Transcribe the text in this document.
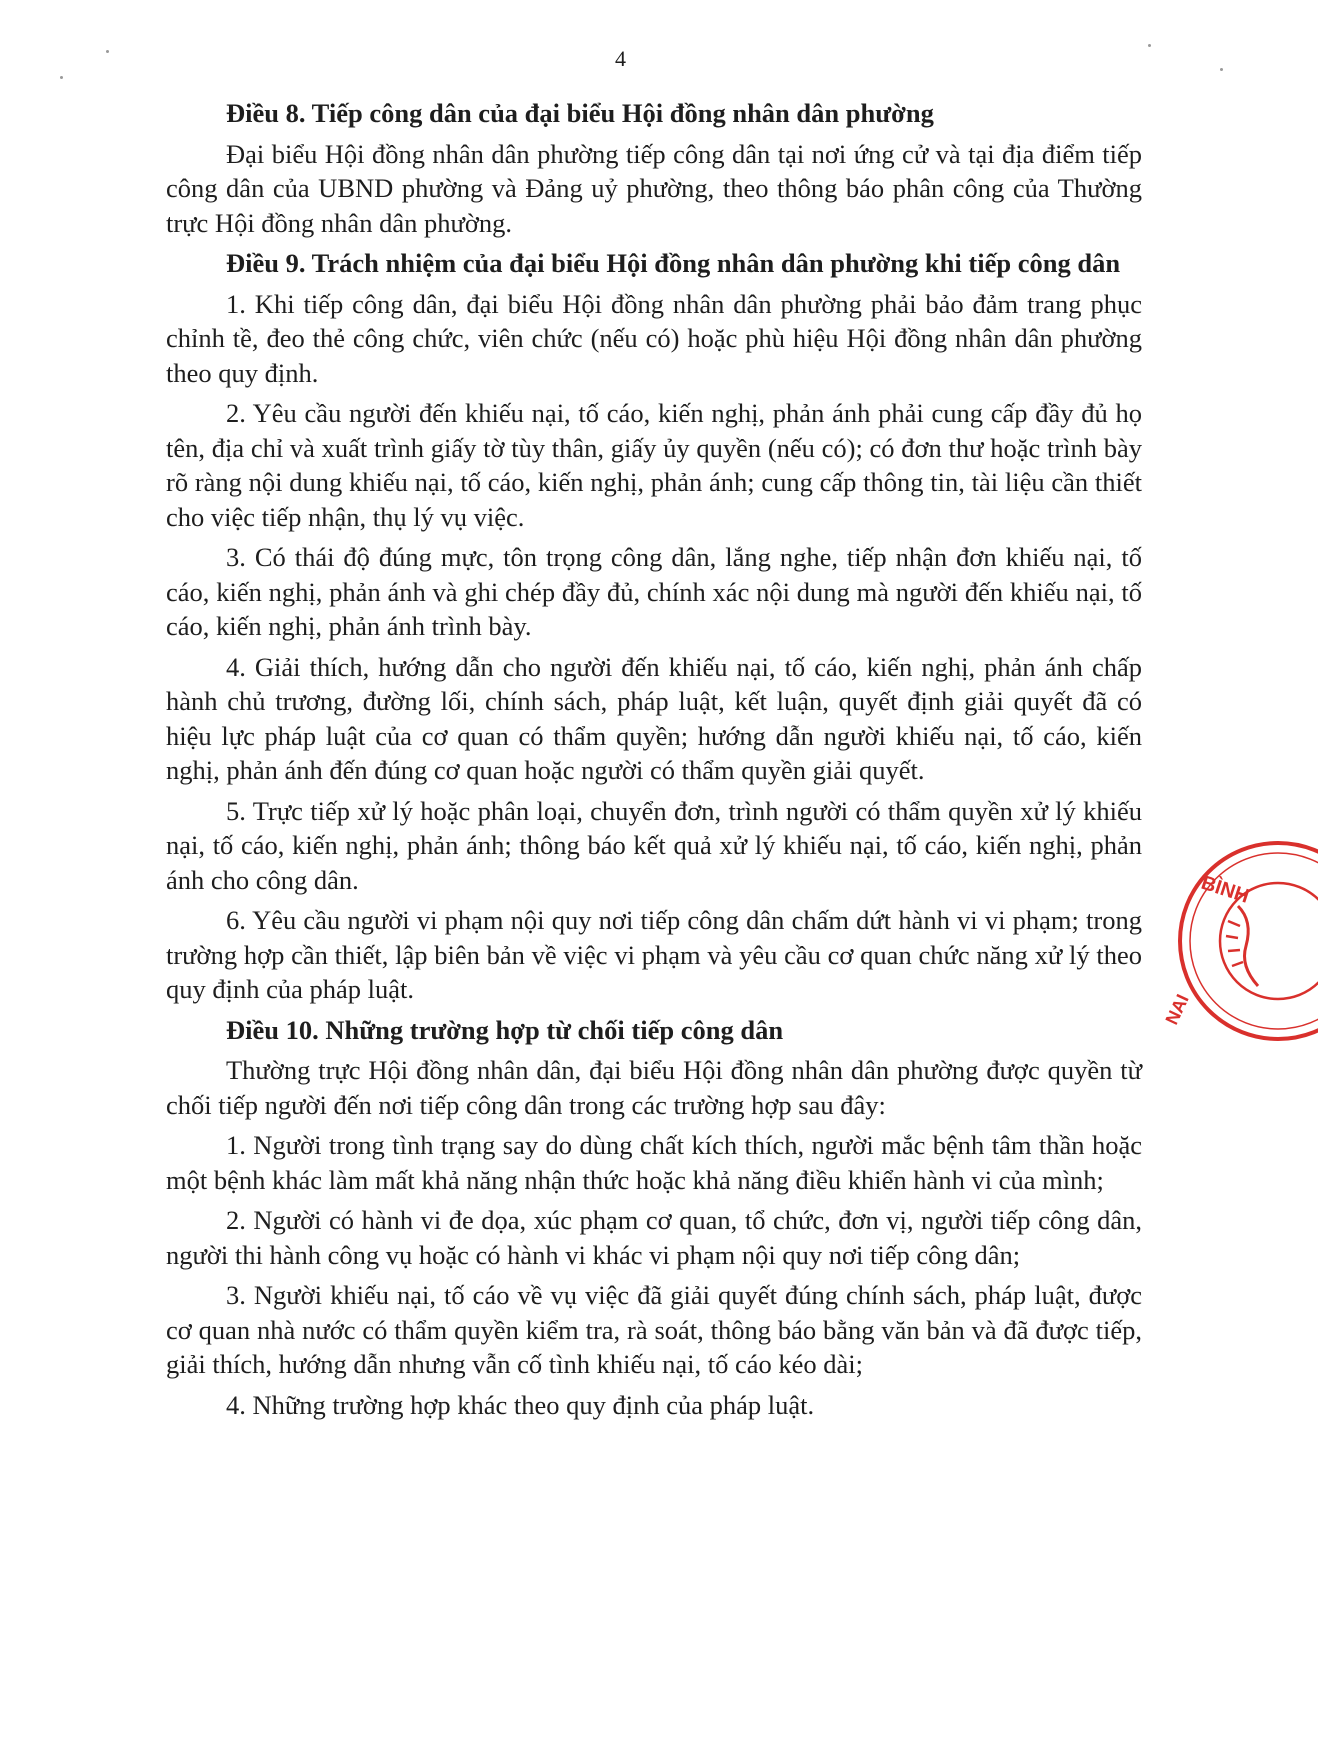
4
Điều 8. Tiếp công dân của đại biểu Hội đồng nhân dân phường
Đại biểu Hội đồng nhân dân phường tiếp công dân tại nơi ứng cử và tại địa điểm tiếp công dân của UBND phường và Đảng uỷ phường, theo thông báo phân công của Thường trực Hội đồng nhân dân phường.
Điều 9. Trách nhiệm của đại biểu Hội đồng nhân dân phường khi tiếp công dân
1. Khi tiếp công dân, đại biểu Hội đồng nhân dân phường phải bảo đảm trang phục chỉnh tề, đeo thẻ công chức, viên chức (nếu có) hoặc phù hiệu Hội đồng nhân dân phường theo quy định.
2. Yêu cầu người đến khiếu nại, tố cáo, kiến nghị, phản ánh phải cung cấp đầy đủ họ tên, địa chỉ và xuất trình giấy tờ tùy thân, giấy ủy quyền (nếu có); có đơn thư hoặc trình bày rõ ràng nội dung khiếu nại, tố cáo, kiến nghị, phản ánh; cung cấp thông tin, tài liệu cần thiết cho việc tiếp nhận, thụ lý vụ việc.
3. Có thái độ đúng mực, tôn trọng công dân, lắng nghe, tiếp nhận đơn khiếu nại, tố cáo, kiến nghị, phản ánh và ghi chép đầy đủ, chính xác nội dung mà người đến khiếu nại, tố cáo, kiến nghị, phản ánh trình bày.
4. Giải thích, hướng dẫn cho người đến khiếu nại, tố cáo, kiến nghị, phản ánh chấp hành chủ trương, đường lối, chính sách, pháp luật, kết luận, quyết định giải quyết đã có hiệu lực pháp luật của cơ quan có thẩm quyền; hướng dẫn người khiếu nại, tố cáo, kiến nghị, phản ánh đến đúng cơ quan hoặc người có thẩm quyền giải quyết.
5. Trực tiếp xử lý hoặc phân loại, chuyển đơn, trình người có thẩm quyền xử lý khiếu nại, tố cáo, kiến nghị, phản ánh; thông báo kết quả xử lý khiếu nại, tố cáo, kiến nghị, phản ánh cho công dân.
6. Yêu cầu người vi phạm nội quy nơi tiếp công dân chấm dứt hành vi vi phạm; trong trường hợp cần thiết, lập biên bản về việc vi phạm và yêu cầu cơ quan chức năng xử lý theo quy định của pháp luật.
Điều 10. Những trường hợp từ chối tiếp công dân
Thường trực Hội đồng nhân dân, đại biểu Hội đồng nhân dân phường được quyền từ chối tiếp người đến nơi tiếp công dân trong các trường hợp sau đây:
1. Người trong tình trạng say do dùng chất kích thích, người mắc bệnh tâm thần hoặc một bệnh khác làm mất khả năng nhận thức hoặc khả năng điều khiển hành vi của mình;
2. Người có hành vi đe dọa, xúc phạm cơ quan, tổ chức, đơn vị, người tiếp công dân, người thi hành công vụ hoặc có hành vi khác vi phạm nội quy nơi tiếp công dân;
3. Người khiếu nại, tố cáo về vụ việc đã giải quyết đúng chính sách, pháp luật, được cơ quan nhà nước có thẩm quyền kiểm tra, rà soát, thông báo bằng văn bản và đã được tiếp, giải thích, hướng dẫn nhưng vẫn cố tình khiếu nại, tố cáo kéo dài;
4. Những trường hợp khác theo quy định của pháp luật.
BÌNH
NAI
